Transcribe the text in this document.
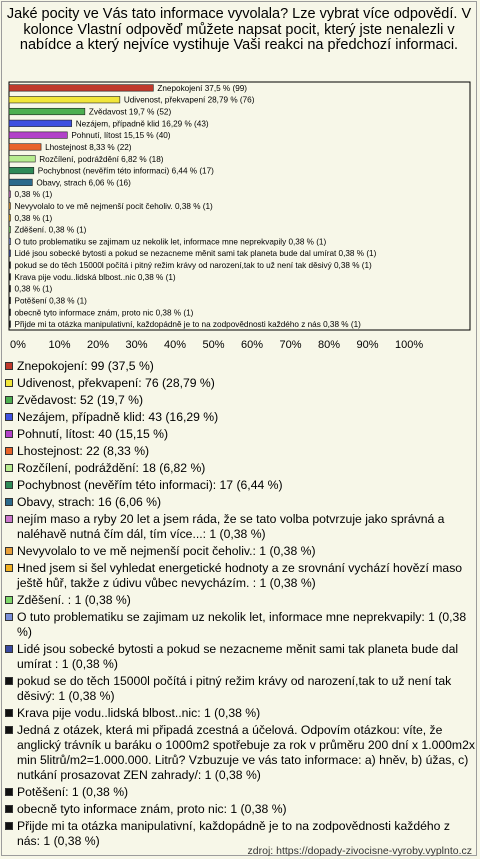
Jaké pocity ve Vás tato informace vyvolala? Lze vybrat více odpovědí. V kolonce Vlastní odpověď můžete napsat pocit, který jste nenalezli v nabídce a který nejvíce vystihuje Vaši reakci na předchozí informaci.
Znepokojení 37,5 % (99)
Udivenost, překvapení 28,79 % (76)
Zvědavost 19,7 % (52)
Nezájem, případně klid 16,29 % (43)
Pohnutí, lítost 15,15 % (40)
Lhostejnost 8,33 % (22)
Rozčílení, podráždění 6,82 % (18)
Pochybnost (nevěřím této informaci) 6,44 % (17)
Obavy, strach 6,06 % (16)
0,38 % (1)
Nevyvolalo to ve mě nejmenší pocit čeholiv. 0,38 % (1)
0,38 % (1)
Zděšení. 0,38 % (1)
O tuto problematiku se zajimam uz nekolik let, informace mne neprekvapily 0,38 % (1)
Lidé jsou sobecké bytosti a pokud se nezacneme měnit sami tak planeta bude dal umírat 0,38 % (1)
pokud se do těch 15000l počítá i pitný režim krávy od narození,tak to už není tak děsivý 0,38 % (1)
Krava pije vodu..lidská blbost..nic 0,38 % (1)
0,38 % (1)
Potěšení 0,38 % (1)
obecně tyto informace znám, proto nic 0,38 % (1)
Přijde mi ta otázka manipulativní, každopádně je to na zodpovědnosti každého z nás 0,38 % (1)
0% 10% 20% 30% 40% 50% 60% 70% 80% 90% 100%
Znepokojení: 99 (37,5 %)
Udivenost, překvapení: 76 (28,79 %)
Zvědavost: 52 (19,7 %)
Nezájem, případně klid: 43 (16,29 %)
Pohnutí, lítost: 40 (15,15 %)
Lhostejnost: 22 (8,33 %)
Rozčílení, podráždění: 18 (6,82 %)
Pochybnost (nevěřím této informaci): 17 (6,44 %)
Obavy, strach: 16 (6,06 %)
nejím maso a ryby 20 let a jsem ráda, že se tato volba potvrzuje jako správná a naléhavě nutná čím dál, tím více...: 1 (0,38 %)
Nevyvolalo to ve mě nejmenší pocit čeholiv.: 1 (0,38 %)
Hned jsem si šel vyhledat energetické hodnoty a ze srovnání vychází hovězí maso ještě hůř, takže z údivu vůbec nevycházím. : 1 (0,38 %)
Zděšení. : 1 (0,38 %)
O tuto problematiku se zajimam uz nekolik let, informace mne neprekvapily: 1 (0,38 %)
Lidé jsou sobecké bytosti a pokud se nezacneme měnit sami tak planeta bude dal umírat : 1 (0,38 %)
pokud se do těch 15000l počítá i pitný režim krávy od narození,tak to už není tak děsivý: 1 (0,38 %)
Krava pije vodu..lidská blbost..nic: 1 (0,38 %)
Jedná z otázek, která mi připadá zcestná a účelová. Odpovím otázkou: víte, že anglický trávník u baráku o 1000m2 spotřebuje za rok v průměru 200 dní x 1.000m2x min 5litrů/m2=1.000.000. Litrů? Vzbuzuje ve vás tato informace: a) hněv, b) úžas, c) nutkání prosazovat ZEN zahrady/: 1 (0,38 %)
Potěšení: 1 (0,38 %)
obecně tyto informace znám, proto nic: 1 (0,38 %)
Přijde mi ta otázka manipulativní, každopádně je to na zodpovědnosti každého z nás: 1 (0,38 %)
zdroj: https://dopady-zivocisne-vyroby.vyplnto.cz
